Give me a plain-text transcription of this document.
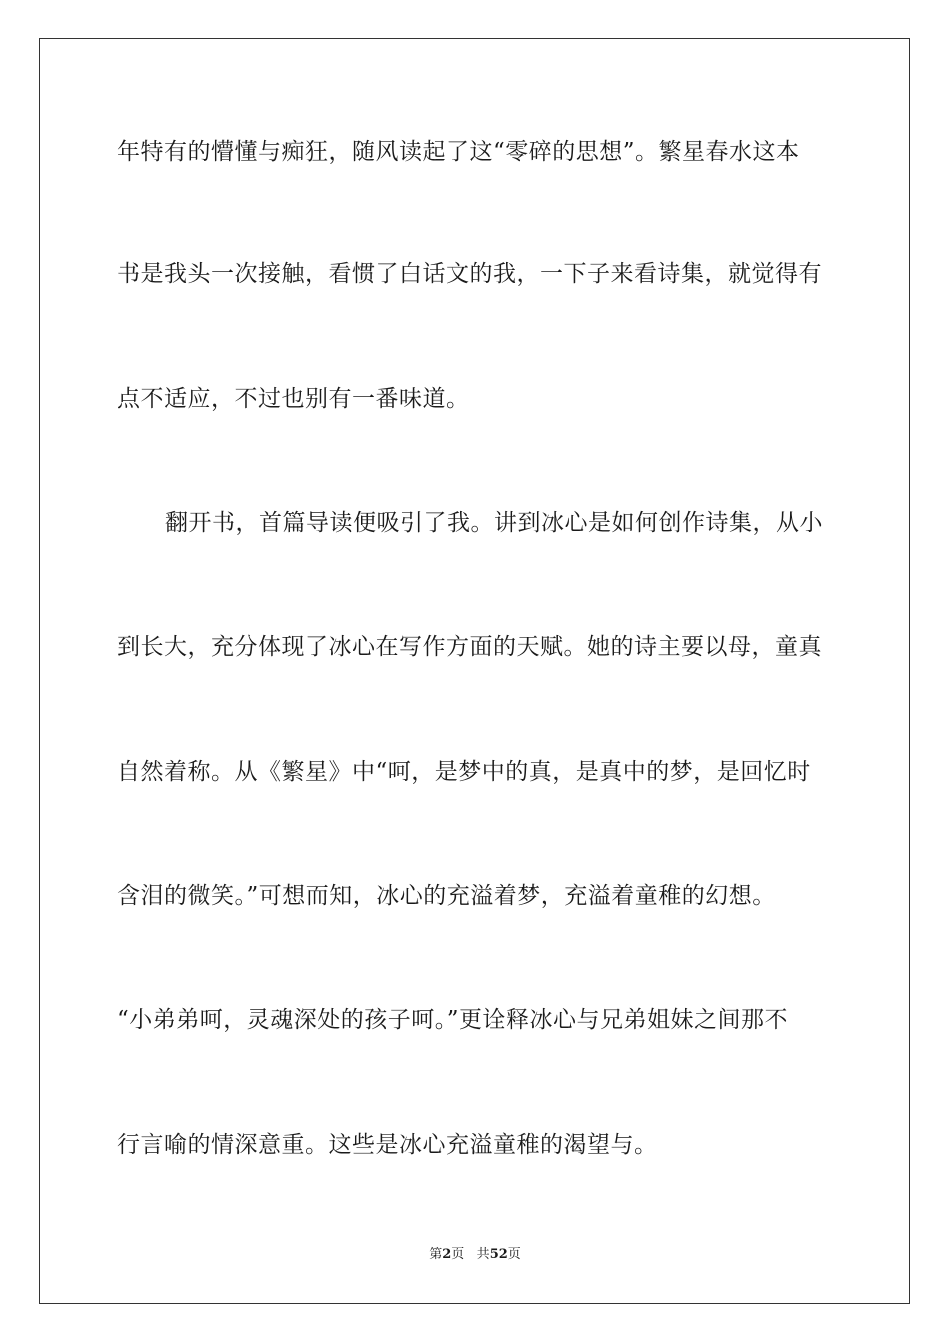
年特有的懵懂与痴狂，随风读起了这“零碎的思想”。繁星春水这本
书是我头一次接触，看惯了白话文的我，一下子来看诗集，就觉得有
点不适应，不过也别有一番味道。
翻开书，首篇导读便吸引了我。讲到冰心是如何创作诗集，从小
到长大，充分体现了冰心在写作方面的天赋。她的诗主要以母，童真
自然着称。从《繁星》中“呵，是梦中的真，是真中的梦，是回忆时
含泪的微笑。”可想而知，冰心的充溢着梦，充溢着童稚的幻想。
“小弟弟呵，灵魂深处的孩子呵。”更诠释冰心与兄弟姐妹之间那不
行言喻的情深意重。这些是冰心充溢童稚的渴望与。
第2页 共52页
